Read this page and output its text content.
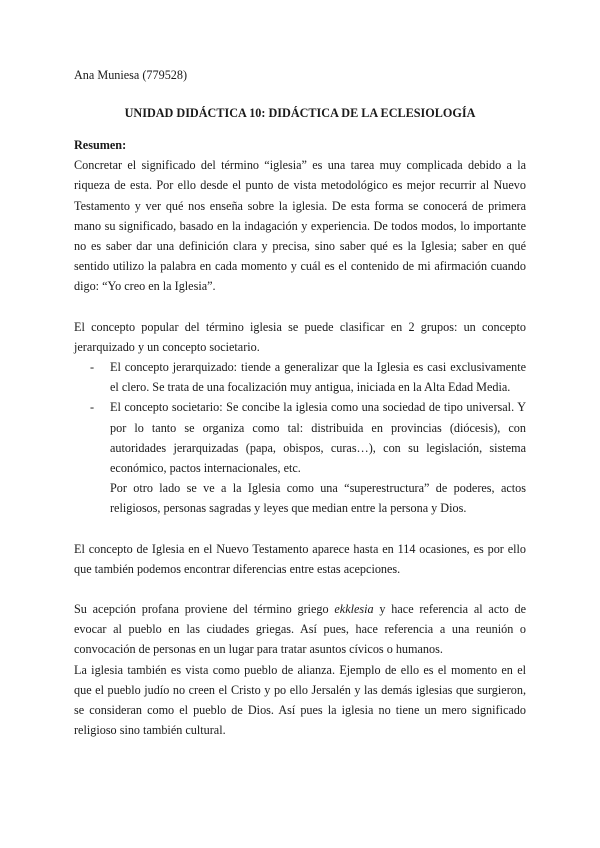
Ana Muniesa (779528)
UNIDAD DIDÁCTICA 10: DIDÁCTICA DE LA ECLESIOLOGÍA

Resumen:

Concretar el significado del término “iglesia” es una tarea muy complicada debido a la riqueza de esta. Por ello desde el punto de vista metodológico es mejor recurrir al Nuevo Testamento y ver qué nos enseña sobre la iglesia. De esta forma se conocerá de primera mano su significado, basado en la indagación y experiencia. De todos modos, lo importante no es saber dar una definición clara y precisa, sino saber qué es la Iglesia; saber en qué sentido utilizo la palabra en cada momento y cuál es el contenido de mi afirmación cuando digo: “Yo creo en la Iglesia”.

El concepto popular del término iglesia se puede clasificar en 2 grupos: un concepto jerarquizado y un concepto societario.

- El concepto jerarquizado: tiende a generalizar que la Iglesia es casi exclusivamente el clero. Se trata de una focalización muy antigua, iniciada en la Alta Edad Media.
- El concepto societario: Se concibe la iglesia como una sociedad de tipo universal. Y por lo tanto se organiza como tal: distribuida en provincias (diócesis), con autoridades jerarquizadas (papa, obispos, curas…), con su legislación, sistema económico, pactos internacionales, etc.

Por otro lado se ve a la Iglesia como una “superestructura” de poderes, actos religiosos, personas sagradas y leyes que median entre la persona y Dios.

El concepto de Iglesia en el Nuevo Testamento aparece hasta en 114 ocasiones, es por ello que también podemos encontrar diferencias entre estas acepciones.

Su acepción profana proviene del término griego ekklesia y hace referencia al acto de evocar al pueblo en las ciudades griegas. Así pues, hace referencia a una reunión o convocación de personas en un lugar para tratar asuntos cívicos o humanos.

La iglesia también es vista como pueblo de alianza. Ejemplo de ello es el momento en el que el pueblo judío no creen el Cristo y po ello Jersalén y las demás iglesias que surgieron, se consideran como el pueblo de Dios. Así pues la iglesia no tiene un mero significado religioso sino también cultural.
